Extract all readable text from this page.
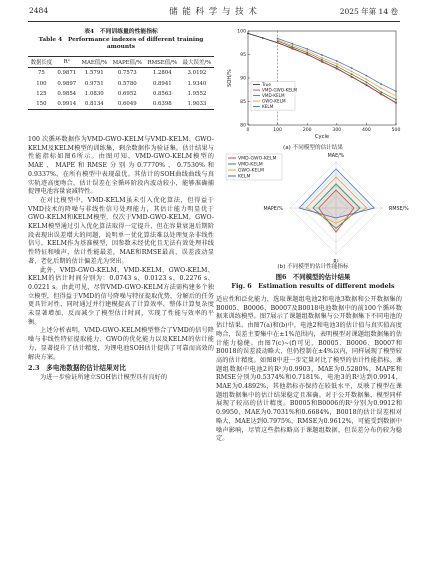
2484	储 能 科 学 与 技 术	2025 年第 14 卷
表4　不同训练量的性能指标
Table 4　Performance indexes of different training
amounts
数据长度	R²	MAE值/%	MAPE值/%	RMSE值/%	最大误差/%
75	0.9871	1.5791	0.7573	1.2804	3.0192
100	0.9897	0.9751	0.5780	0.8941	1.9340
125	0.9854	1.0830	0.6952	0.8563	1.9552
150	0.9914	0.8134	0.6049	0.6398	1.9033

100 次循环数据作为VMD-GWO-KELM与VMD-KELM、GWO-KELM及KELM模型的训练集，剩余数据作为验证集。估计结果与性能指标如图6所示。由图可知，VMD-GWO-KELM模型的MAE、MAPE和RMSE分别为0.7770%、0.7530%和0.9337%，在所有模型中表现最优。其估计的SOH曲线曲线与真实轨迹高度吻合，估计误差在全循环阶段内波动较小，能够准确捕捉锂电池容量衰减特性。

在对比模型中，VMD-KELM虽未引入优化算法，但得益于VMD技术的降噪与非线性信号处理能力，其估计能力明显优于GWO-KELM和KELM模型，仅次于VMD-GWO-KELM。GWO-KELM模型通过引入优化算法取得一定提升，但在容量衰退后期阶段表现出误差增大的问题，说明单一优化算法难以处理复杂非线性信号。KELM作为基准模型，因参数未经优化且无法有效处理非线性特征和噪声，估计性能最差，MAE和RMSE最高，误差波动显著，老化后期的估计偏差尤为突出。

此外，VMD-GWO-KELM、VMD-KELM、GWO-KELM、KELM的估计时间分别为：0.0743 s、0.0123 s、0.2276 s、0.0221 s。由此可见，尽管VMD-GWO-KELM方法需构建多个独立模型，但得益于VMD的信号降噪与特征提取优势，分解后的任务更具针对性，同时通过并行建模提高了计算效率，整体计算复杂度未显著增加，反而减少了模型估计时间，实现了性能与效率的平衡。

上述分析表明，VMD-GWO-KELM模型整合了VMD的信号降噪与非线性特征提取能力、GWO的优化能力以及KELM的估计能力，显著提升了估计精度，为锂电池SOH估计提供了可靠而高效的解决方案。

2.3　多电池数据的估计结果对比

为进一步验证所建立SOH估计模型具有良好的

0	100	200	300	400	500
80
85
90
95
100
Cycle
SOH/%	True
VMD-GWO-KELM
VMD-KELM
GWO-KELM
KELM
(a) 不同模型的估计结果
MAE/%
RMSE/%
R²
MAPE/%
VMD-GWO-KELM
VMD-KELM
GWO-KELM
KELM
(b) 不同模型的估计性能指标
图6　不同模型的估计结果
Fig. 6　Estimation results of different models

适应性和泛化能力，选取课题组电池2和电池3数据和公开数据集的B0005、B0006、B0007及B0018电池数据中的前100个循环数据来训练模型。图7展示了课题组数据集与公开数据集下不同电池的估计结果。由图7(a)和(b)中，电池2和电池3的估计值与真实值高度吻合，误差主要集中在±1%范围内，表明模型对课题组数据集的估计能力稳健。由图7(c)~(f)可见，B0005、B0006、B0007和B0018的误差波动略大，但仍控制在±4%以内，同样展现了模型较高的估计精度。如图8中进一步定量对比了模型的估计性能指标。课题组数据中电池2的R²为0.9903，MAE为0.5280%，MAPE和RMSE分别为0.5374%和0.7181%，电池3的R²达到0.9914，MAE为0.4892%，其他指标亦保持在较低水平，反映了模型在课题组数据集中的估计结果稳定且准确。对于公开数据集，模型同样展现了较高的估计精度。B0005和B0006的R²分别为0.9912和0.9950，MAE为0.7031%和0.6684%，B0018的估计误差相对略大，MAE达到0.7975%，RMSE为0.9612%，可能受到数据中噪声影响，尽管这些指标略高于课题组数据，但误差分布仍较为稳定。
